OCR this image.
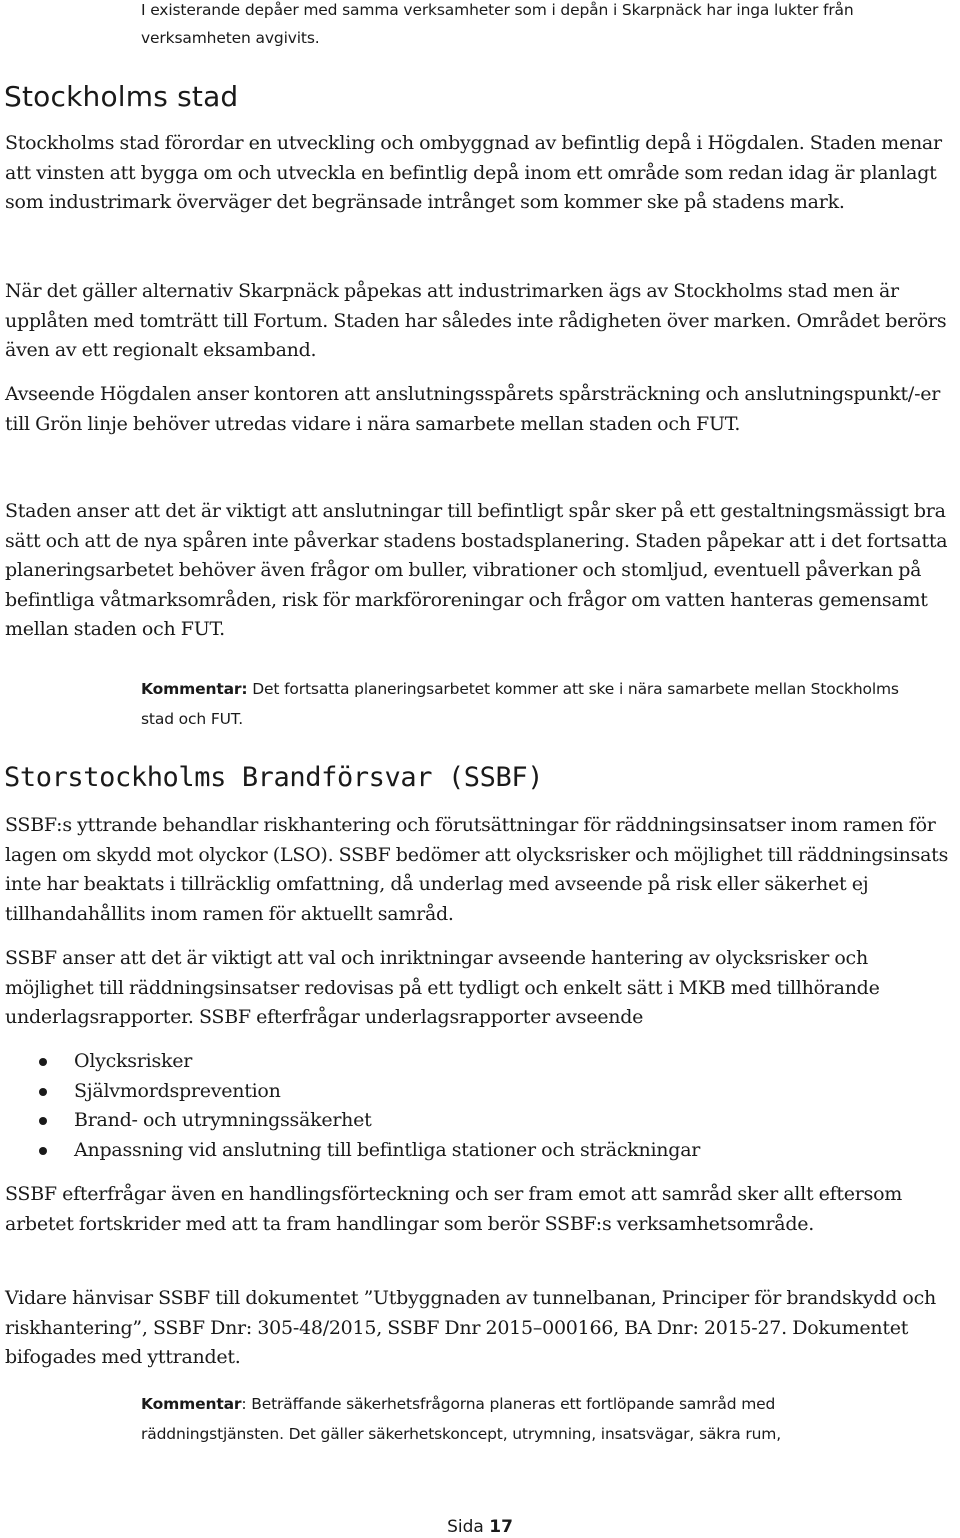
I existerande depåer med samma verksamheter som i depån i Skarpnäck har inga lukter från
verksamheten avgivits.

Stockholms stad

Stockholms stad förordar en utveckling och ombyggnad av befintlig depå i Högdalen. Staden menar att vinsten att bygga om och utveckla en befintlig depå inom ett område som redan idag är planlagt som industrimark överväger det begränsade intrånget som kommer ske på stadens mark.

När det gäller alternativ Skarpnäck påpekas att industrimarken ägs av Stockholms stad men är upplåten med tomträtt till Fortum. Staden har således inte rådigheten över marken. Området berörs även av ett regionalt eksamband.

Avseende Högdalen anser kontoren att anslutningsspårets spårsträckning och anslutningspunkt/-er till Grön linje behöver utredas vidare i nära samarbete mellan staden och FUT.

Staden anser att det är viktigt att anslutningar till befintligt spår sker på ett gestaltningsmässigt bra sätt och att de nya spåren inte påverkar stadens bostadsplanering. Staden påpekar att i det fortsatta planeringsarbetet behöver även frågor om buller, vibrationer och stomljud, eventuell påverkan på befintliga våtmarksområden, risk för markföroreningar och frågor om vatten hanteras gemensamt mellan staden och FUT.

Kommentar: Det fortsatta planeringsarbetet kommer att ske i nära samarbete mellan Stockholms stad och FUT.

Storstockholms Brandförsvar (SSBF)

SSBF:s yttrande behandlar riskhantering och förutsättningar för räddningsinsatser inom ramen för lagen om skydd mot olyckor (LSO). SSBF bedömer att olycksrisker och möjlighet till räddningsinsats inte har beaktats i tillräcklig omfattning, då underlag med avseende på risk eller säkerhet ej tillhandahållits inom ramen för aktuellt samråd.

SSBF anser att det är viktigt att val och inriktningar avseende hantering av olycksrisker och möjlighet till räddningsinsatser redovisas på ett tydligt och enkelt sätt i MKB med tillhörande underlagsrapporter. SSBF efterfrågar underlagsrapporter avseende

Olycksrisker
Självmordsprevention
Brand- och utrymningssäkerhet
Anpassning vid anslutning till befintliga stationer och sträckningar

SSBF efterfrågar även en handlingsförteckning och ser fram emot att samråd sker allt eftersom arbetet fortskrider med att ta fram handlingar som berör SSBF:s verksamhetsområde.

Vidare hänvisar SSBF till dokumentet ”Utbyggnaden av tunnelbanan, Principer för brandskydd och riskhantering”, SSBF Dnr: 305-48/2015, SSBF Dnr 2015–000166, BA Dnr: 2015-27. Dokumentet bifogades med yttrandet.

Kommentar: Beträffande säkerhetsfrågorna planeras ett fortlöpande samråd med räddningstjänsten. Det gäller säkerhetskoncept, utrymning, insatsvägar, säkra rum,

Sida 17
